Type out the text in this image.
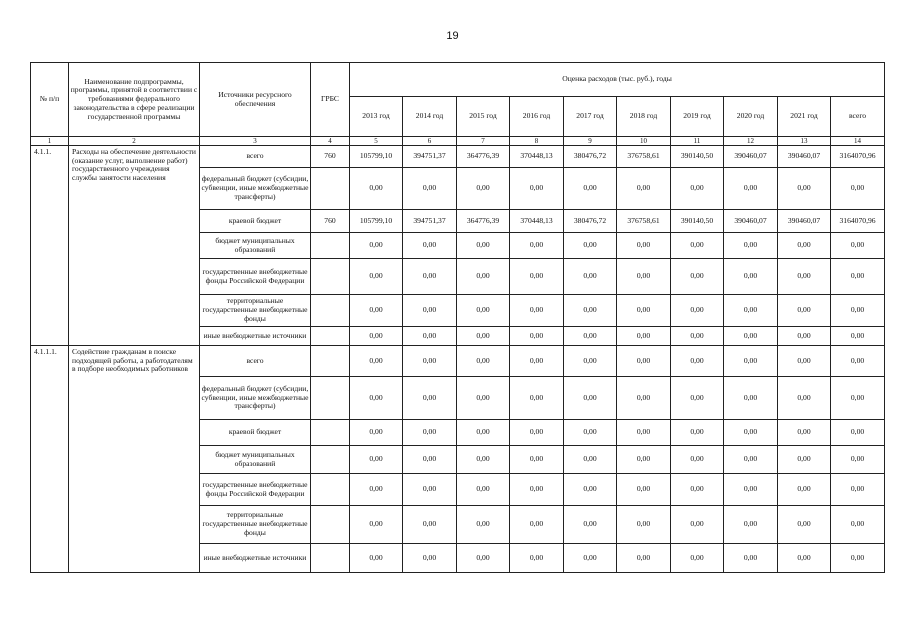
19
№ п/п	Наименование подпрограммы, программы, принятой в соответствии с требованиями федерального законодательства в сфере реализации государственной программы	Источники ресурсного обеспечения	ГРБС	Оценка расходов (тыс. руб.), годы									
				2013 год	2014 год	2015 год	2016 год	2017 год	2018 год	2019 год	2020 год	2021 год	всего
1	2	3	4	5	6	7	8	9	10	11	12	13	14
4.1.1.	Расходы на обеспечение деятельности (оказание услуг, выполнение работ) государственного учреждения службы занятости населения	всего	760	105799,10	394751,37	364776,39	370448,13	380476,72	376758,61	390140,50	390460,07	390460,07	3164070,96
		федеральный бюджет (субсидии, субвенции, иные межбюджетные трансферты)		0,00	0,00	0,00	0,00	0,00	0,00	0,00	0,00	0,00	0,00
		краевой бюджет	760	105799,10	394751,37	364776,39	370448,13	380476,72	376758,61	390140,50	390460,07	390460,07	3164070,96
		бюджет муниципальных образований		0,00	0,00	0,00	0,00	0,00	0,00	0,00	0,00	0,00	0,00
		государственные внебюджетные фонды Российской Федерации		0,00	0,00	0,00	0,00	0,00	0,00	0,00	0,00	0,00	0,00
		территориальные государственные внебюджетные фонды		0,00	0,00	0,00	0,00	0,00	0,00	0,00	0,00	0,00	0,00
		иные внебюджетные источники		0,00	0,00	0,00	0,00	0,00	0,00	0,00	0,00	0,00	0,00
4.1.1.1.	Содействие гражданам в поиске подходящей работы, а работодателям в подборе необходимых работников	всего		0,00	0,00	0,00	0,00	0,00	0,00	0,00	0,00	0,00	0,00
		федеральный бюджет (субсидии, субвенции, иные межбюджетные трансферты)		0,00	0,00	0,00	0,00	0,00	0,00	0,00	0,00	0,00	0,00
		краевой бюджет		0,00	0,00	0,00	0,00	0,00	0,00	0,00	0,00	0,00	0,00
		бюджет муниципальных образований		0,00	0,00	0,00	0,00	0,00	0,00	0,00	0,00	0,00	0,00
		государственные внебюджетные фонды Российской Федерации		0,00	0,00	0,00	0,00	0,00	0,00	0,00	0,00	0,00	0,00
		территориальные государственные внебюджетные фонды		0,00	0,00	0,00	0,00	0,00	0,00	0,00	0,00	0,00	0,00
		иные внебюджетные источники		0,00	0,00	0,00	0,00	0,00	0,00	0,00	0,00	0,00	0,00
